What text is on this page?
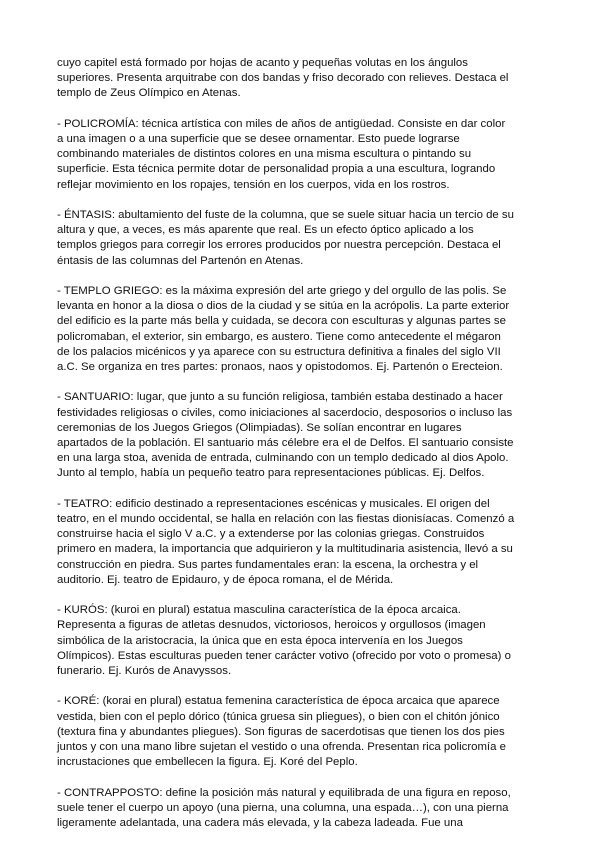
cuyo capitel está formado por hojas de acanto y pequeñas volutas en los ángulos
superiores. Presenta arquitrabe con dos bandas y friso decorado con relieves. Destaca el
templo de Zeus Olímpico en Atenas.
- POLICROMÍA: técnica artística con miles de años de antigüedad. Consiste en dar color
a una imagen o a una superficie que se desee ornamentar. Esto puede lograrse
combinando materiales de distintos colores en una misma escultura o pintando su
superficie. Esta técnica permite dotar de personalidad propia a una escultura, logrando
reflejar movimiento en los ropajes, tensión en los cuerpos, vida en los rostros.
- ÉNTASIS: abultamiento del fuste de la columna, que se suele situar hacia un tercio de su
altura y que, a veces, es más aparente que real. Es un efecto óptico aplicado a los
templos griegos para corregir los errores producidos por nuestra percepción. Destaca el
éntasis de las columnas del Partenón en Atenas.
- TEMPLO GRIEGO: es la máxima expresión del arte griego y del orgullo de las polis. Se
levanta en honor a la diosa o dios de la ciudad y se sitúa en la acrópolis. La parte exterior
del edificio es la parte más bella y cuidada, se decora con esculturas y algunas partes se
policromaban, el exterior, sin embargo, es austero. Tiene como antecedente el mégaron
de los palacios micénicos y ya aparece con su estructura definitiva a finales del siglo VII
a.C. Se organiza en tres partes: pronaos, naos y opistodomos. Ej. Partenón o Erecteion.
- SANTUARIO: lugar, que junto a su función religiosa, también estaba destinado a hacer
festividades religiosas o civiles, como iniciaciones al sacerdocio, desposorios o incluso las
ceremonias de los Juegos Griegos (Olimpiadas). Se solían encontrar en lugares
apartados de la población. El santuario más célebre era el de Delfos. El santuario consiste
en una larga stoa, avenida de entrada, culminando con un templo dedicado al dios Apolo.
Junto al templo, había un pequeño teatro para representaciones públicas. Ej. Delfos.
- TEATRO: edificio destinado a representaciones escénicas y musicales. El origen del
teatro, en el mundo occidental, se halla en relación con las fiestas dionisíacas. Comenzó a
construirse hacia el siglo V a.C. y a extenderse por las colonias griegas. Construidos
primero en madera, la importancia que adquirieron y la multitudinaria asistencia, llevó a su
construcción en piedra. Sus partes fundamentales eran: la escena, la orchestra y el
auditorio. Ej. teatro de Epidauro, y de época romana, el de Mérida.
- KURÓS: (kuroi en plural) estatua masculina característica de la época arcaica.
Representa a figuras de atletas desnudos, victoriosos, heroicos y orgullosos (imagen
simbólica de la aristocracia, la única que en esta época intervenía en los Juegos
Olímpicos). Estas esculturas pueden tener carácter votivo (ofrecido por voto o promesa) o
funerario. Ej. Kurós de Anavyssos.
- KORÉ: (korai en plural) estatua femenina característica de época arcaica que aparece
vestida, bien con el peplo dórico (túnica gruesa sin pliegues), o bien con el chitón jónico
(textura fina y abundantes pliegues). Son figuras de sacerdotisas que tienen los dos pies
juntos y con una mano libre sujetan el vestido o una ofrenda. Presentan rica policromía e
incrustaciones que embellecen la figura. Ej. Koré del Peplo.
- CONTRAPPOSTO: define la posición más natural y equilibrada de una figura en reposo,
suele tener el cuerpo un apoyo (una pierna, una columna, una espada…), con una pierna
ligeramente adelantada, una cadera más elevada, y la cabeza ladeada. Fue una
